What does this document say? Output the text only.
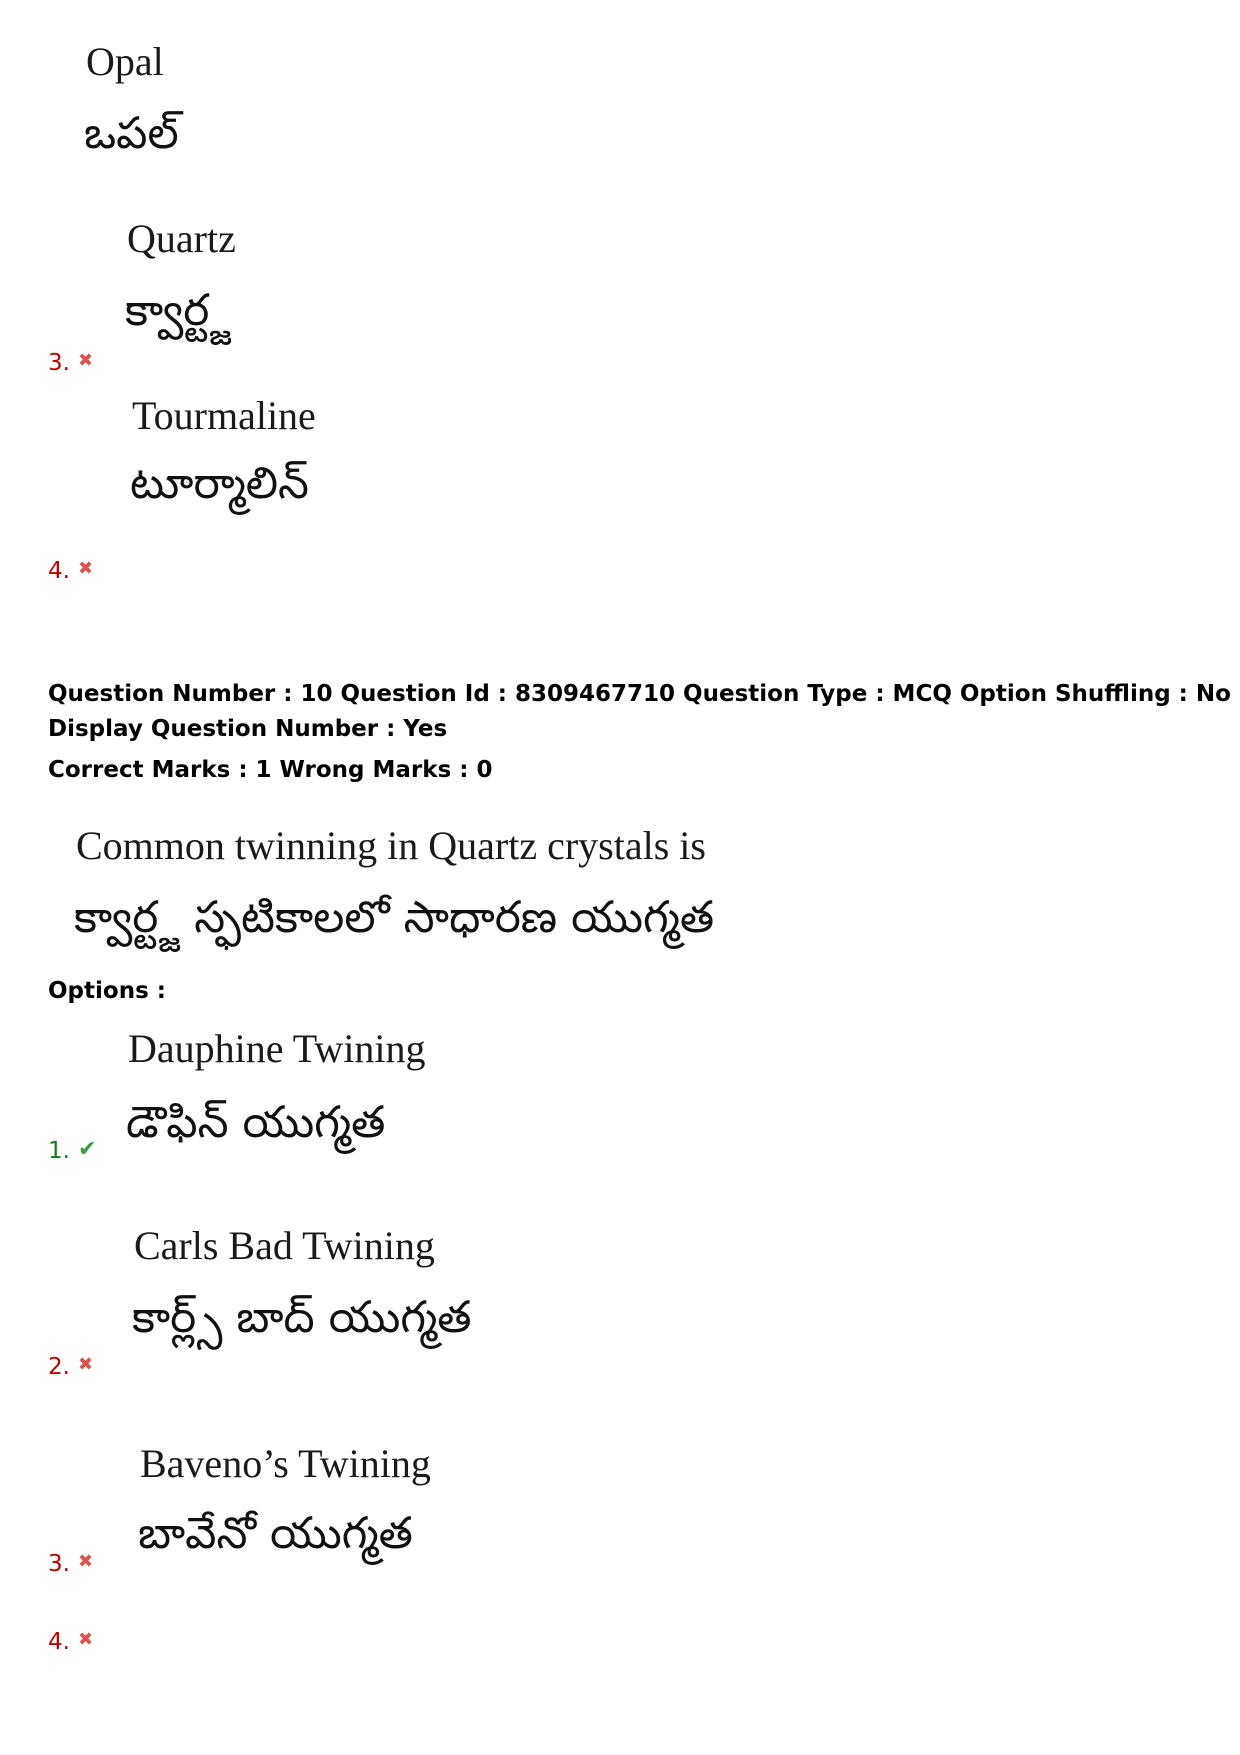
Opal
ఒపల్
Quartz
క్వార్ట్జ
3. ✖
Tourmaline
టూర్మాలిన్
4. ✖
Question Number : 10 Question Id : 8309467710 Question Type : MCQ Option Shuffling : No
Display Question Number : Yes
Correct Marks : 1 Wrong Marks : 0
Common twinning in Quartz crystals is
క్వార్ట్జ స్ఫటికాలలో సాధారణ యుగ్మత
Options :
Dauphine Twining
డౌఫిన్ యుగ్మత
1. ✔
Carls Bad Twining
కార్ల్స్ బాద్ యుగ్మత
2. ✖
Baveno’s Twining
బావేనో యుగ్మత
3. ✖
4. ✖
